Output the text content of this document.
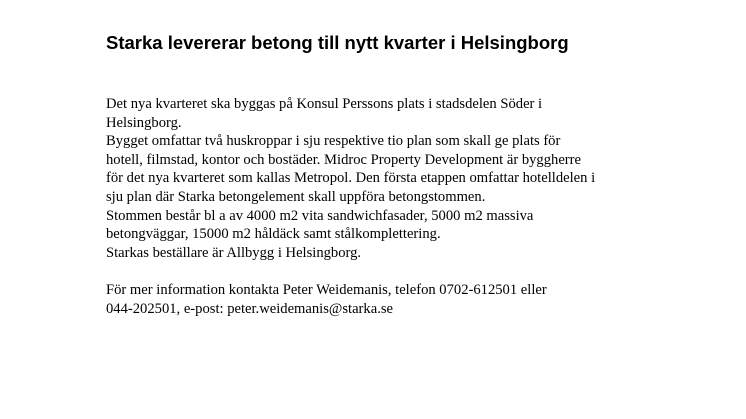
Starka levererar betong till nytt kvarter i Helsingborg
Det nya kvarteret ska byggas på Konsul Perssons plats i stadsdelen Söder i
Helsingborg.
Bygget omfattar två huskroppar i sju respektive tio plan som skall ge plats för
hotell, filmstad, kontor och bostäder. Midroc Property Development är byggherre
för det nya kvarteret som kallas Metropol. Den första etappen omfattar hotelldelen i
sju plan där Starka betongelement skall uppföra betongstommen.
Stommen består bl a av 4000 m2 vita sandwichfasader, 5000 m2 massiva
betongväggar, 15000 m2 håldäck samt stålkomplettering.
Starkas beställare är Allbygg i Helsingborg.
För mer information kontakta Peter Weidemanis, telefon 0702-612501 eller
044-202501, e-post: peter.weidemanis@starka.se
